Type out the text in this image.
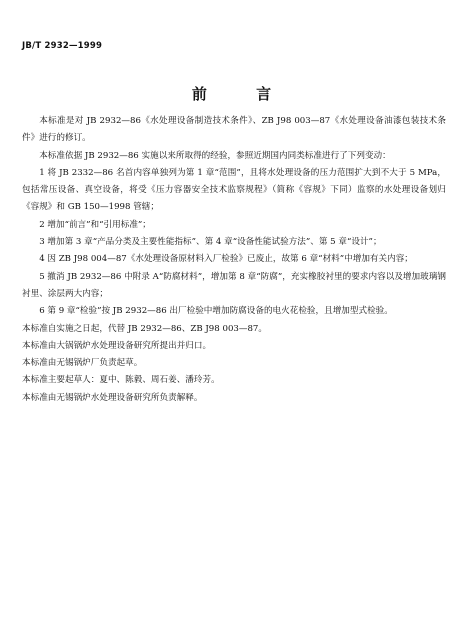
JB/T 2932—1999
前 言

本标准是对 JB 2932—86《水处理设备制造技术条件》、ZB J98 003—87《水处理设备油漆包装技术条件》进行的修订。

本标准依据 JB 2932—86 实施以来所取得的经验，参照近期国内同类标准进行了下列变动：

1 将 JB 2332—86 名首内容单独列为第 1 章“范围”，且将水处理设备的压力范围扩大到不大于 5 MPa，包括常压设备、真空设备，将受《压力容器安全技术监察规程》（简称《容规》下同）监察的水处理设备划归《容规》和 GB 150—1998 管辖；

2 增加“前言”和“引用标准”；

3 增加第 3 章“产品分类及主要性能指标”、第 4 章“设备性能试验方法”、第 5 章“设计”；

4 因 ZB J98 004—87《水处理设备原材料入厂检验》已废止，故第 6 章“材料”中增加有关内容；

5 撤消 JB 2932—86 中附录 A“防腐材料”，增加第 8 章“防腐”，充实橡胶衬里的要求内容以及增加玻璃钢衬里、涂层两大内容；

6 第 9 章“检验”按 JB 2932—86 出厂检验中增加防腐设备的电火花检验，且增加型式检验。

本标准自实施之日起，代替 JB 2932—86、ZB J98 003—87。

本标准由大锅锅炉水处理设备研究所提出并归口。

本标准由无锡锅炉厂负责起草。

本标准主要起草人：夏中、陈毅、周石姜、潘玲芳。

本标准由无锡锅炉水处理设备研究所负责解释。
